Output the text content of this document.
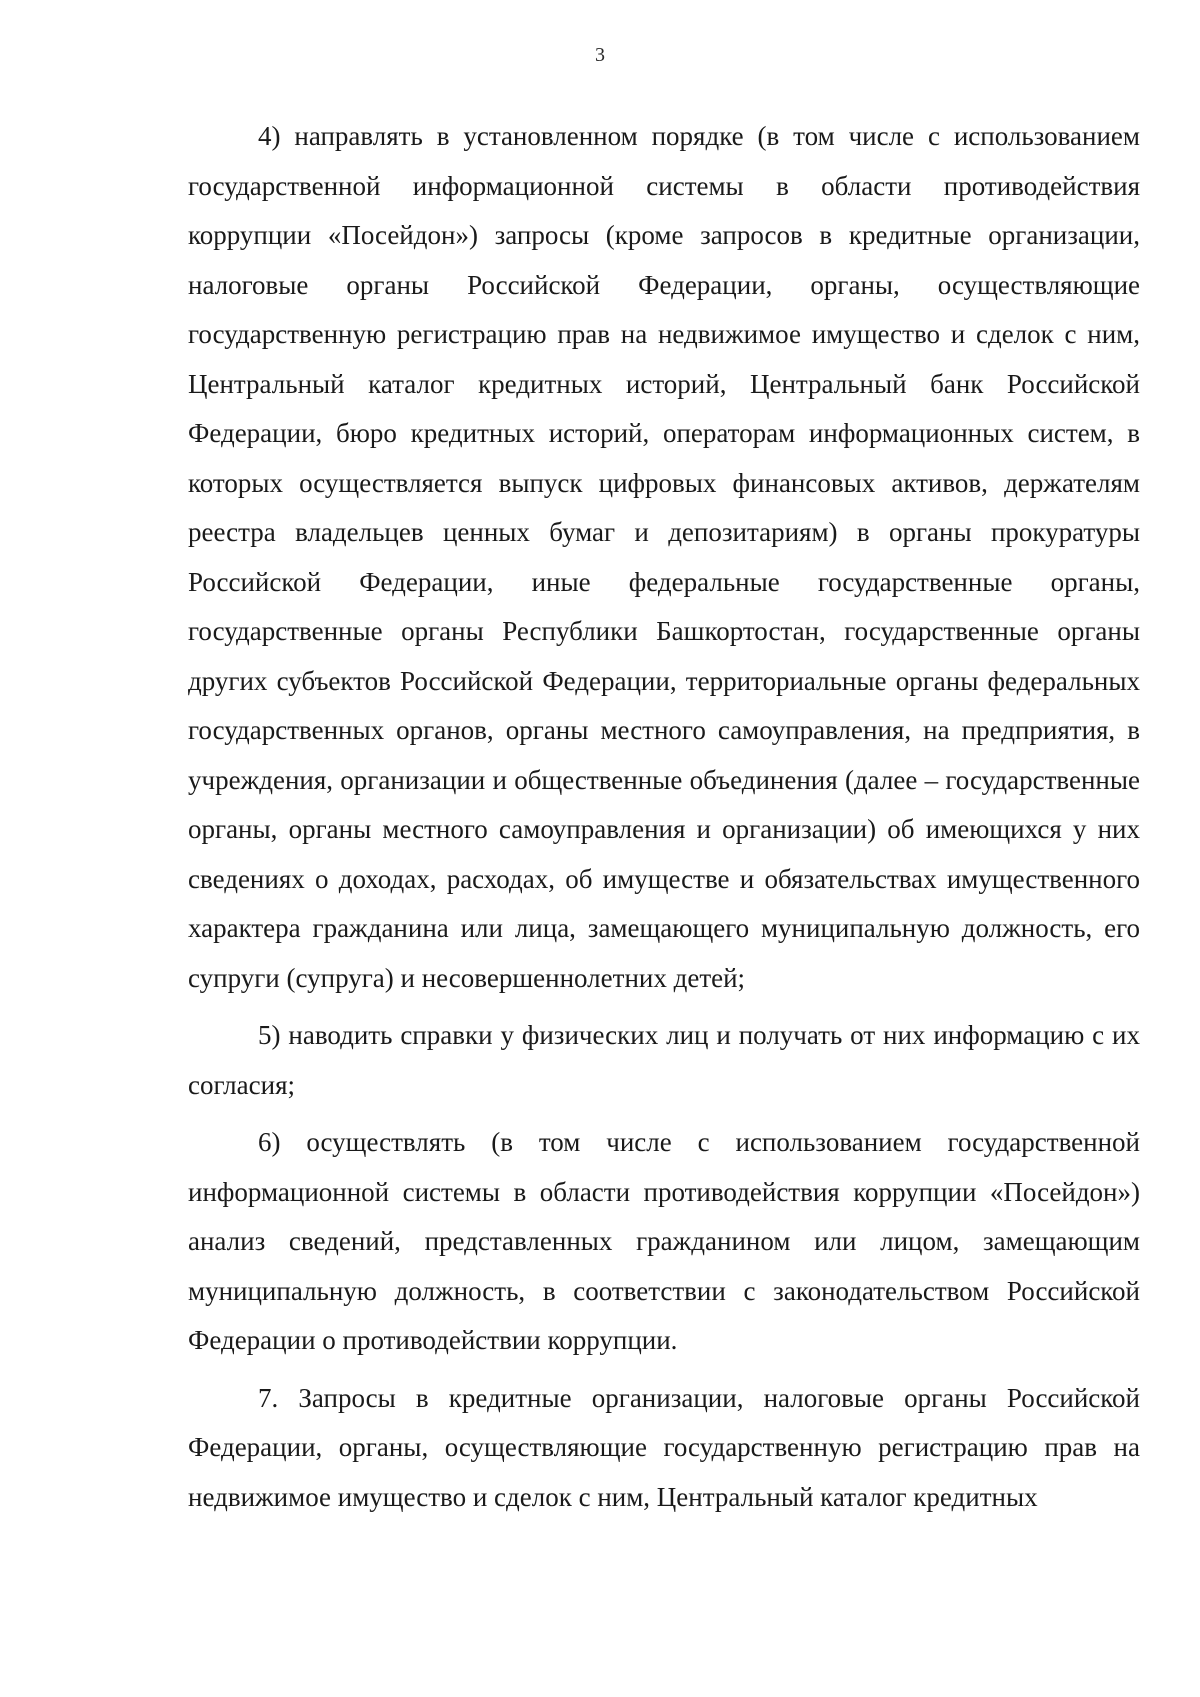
3

4) направлять в установленном порядке (в том числе с использованием государственной информационной системы в области противодействия коррупции «Посейдон») запросы (кроме запросов в кредитные организации, налоговые органы Российской Федерации, органы, осуществляющие государственную регистрацию прав на недвижимое имущество и сделок с ним, Центральный каталог кредитных историй, Центральный банк Российской Федерации, бюро кредитных историй, операторам информационных систем, в которых осуществляется выпуск цифровых финансовых активов, держателям реестра владельцев ценных бумаг и депозитариям) в органы прокуратуры Российской Федерации, иные федеральные государственные органы, государственные органы Республики Башкортостан, государственные органы других субъектов Российской Федерации, территориальные органы федеральных государственных органов, органы местного самоуправления, на предприятия, в учреждения, организации и общественные объединения (далее – государственные органы, органы местного самоуправления и организации) об имеющихся у них сведениях о доходах, расходах, об имуществе и обязательствах имущественного характера гражданина или лица, замещающего муниципальную должность, его супруги (супруга) и несовершеннолетних детей;

5) наводить справки у физических лиц и получать от них информацию с их согласия;

6) осуществлять (в том числе с использованием государственной информационной системы в области противодействия коррупции «Посейдон») анализ сведений, представленных гражданином или лицом, замещающим муниципальную должность, в соответствии с законодательством Российской Федерации о противодействии коррупции.

7. Запросы в кредитные организации, налоговые органы Российской Федерации, органы, осуществляющие государственную регистрацию прав на недвижимое имущество и сделок с ним, Центральный каталог кредитных
